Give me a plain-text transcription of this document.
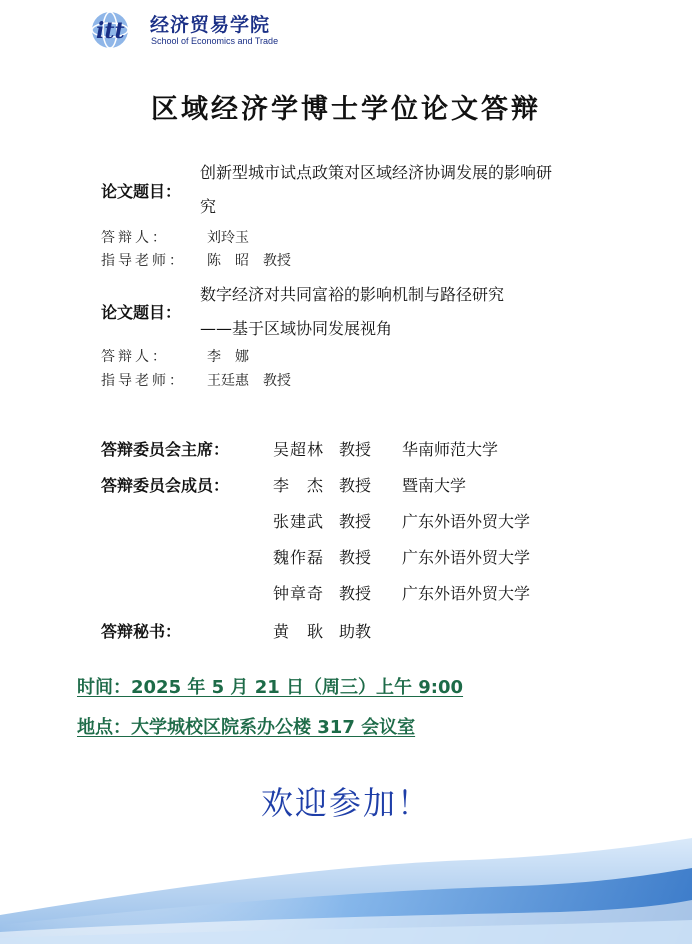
itt 经济贸易学院
School of Economics and Trade
区域经济学博士学位论文答辩
论文题目：
创新型城市试点政策对区域经济协调发展的影响研
究
答辩人：	刘玲玉
指导老师： 陈　昭　教授
论文题目：
数字经济对共同富裕的影响机制与路径研究
——基于区域协同发展视角
答辩人：	李　娜
指导老师： 王廷惠　教授
答辩委员会主席：	吴超林 教授 华南师范大学
答辩委员会成员：	李　杰 教授 暨南大学
张建武 教授 广东外语外贸大学
魏作磊 教授 广东外语外贸大学
钟章奇 教授 广东外语外贸大学
答辩秘书：	黄　耿 助教
时间：2025 年 5 月 21 日（周三）上午 9:00
地点：大学城校区院系办公楼 317 会议室
欢迎参加！
